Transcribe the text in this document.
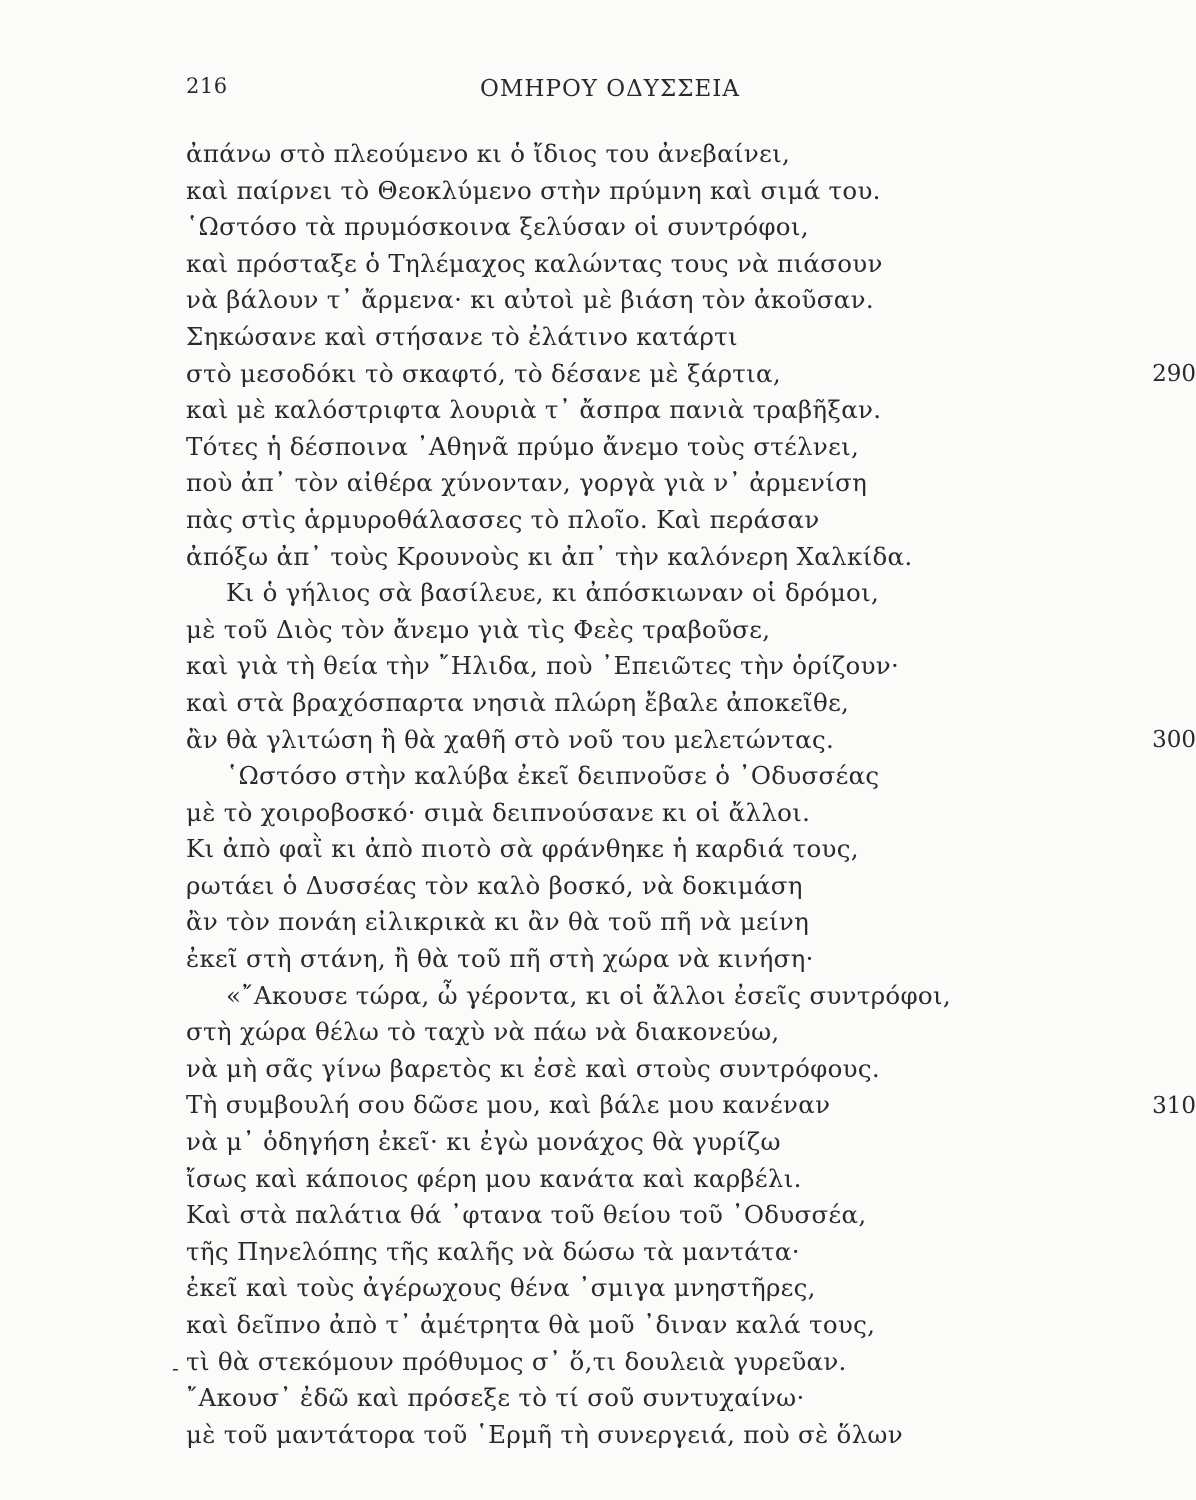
216	ΟΜΗΡΟΥ ΟΔΥΣΣΕΙΑ
ἀπάνω στὸ πλεούμενο κι ὁ ἴδιος του ἀνεβαίνει,
καὶ παίρνει τὸ Θεοκλύμενο στὴν πρύμνη καὶ σιμά του.
῾Ωστόσο τὰ πρυμόσκοινα ξελύσαν οἱ συντρόφοι,
καὶ πρόσταξε ὁ Τηλέμαχος καλώντας τους νὰ πιάσουν
νὰ βάλουν τ᾽ ἄρμενα· κι αὐτοὶ μὲ βιάση τὸν ἀκοῦσαν.
Σηκώσανε καὶ στήσανε τὸ ἐλάτινο κατάρτι
στὸ μεσοδόκι τὸ σκαφτό, τὸ δέσανε μὲ ξάρτια,
καὶ μὲ καλόστριφτα λουριὰ τ᾽ ἄσπρα πανιὰ τραβῆξαν.
Τότες ἡ δέσποινα ᾽Αθηνᾶ πρύμο ἄνεμο τοὺς στέλνει,
ποὺ ἀπ᾽ τὸν αἰθέρα χύνονταν, γοργὰ γιὰ ν᾽ ἀρμενίση
πὰς στὶς ἁρμυροθάλασσες τὸ πλοῖο. Καὶ περάσαν
ἀπόξω ἀπ᾽ τοὺς Κρουνοὺς κι ἀπ᾽ τὴν καλόνερη Χαλκίδα.
Κι ὁ γήλιος σὰ βασίλευε, κι ἀπόσκιωναν οἱ δρόμοι,
μὲ τοῦ Διὸς τὸν ἄνεμο γιὰ τὶς Φεὲς τραβοῦσε,
καὶ γιὰ τὴ θεία τὴν ῎Ηλιδα, ποὺ ᾽Επειῶτες τὴν ὁρίζουν·
καὶ στὰ βραχόσπαρτα νησιὰ πλώρη ἔβαλε ἀποκεῖθε,
ἂν θὰ γλιτώση ἢ θὰ χαθῆ στὸ νοῦ του μελετώντας.
῾Ωστόσο στὴν καλύβα ἐκεῖ δειπνοῦσε ὁ ᾽Οδυσσέας
μὲ τὸ χοιροβοσκό· σιμὰ δειπνούσανε κι οἱ ἄλλοι.
Κι ἀπὸ φαῒ κι ἀπὸ πιοτὸ σὰ φράνθηκε ἡ καρδιά τους,
ρωτάει ὁ Δυσσέας τὸν καλὸ βοσκό, νὰ δοκιμάση
ἂν τὸν πονάη εἰλικρικὰ κι ἂν θὰ τοῦ πῆ νὰ μείνη
ἐκεῖ στὴ στάνη, ἢ θὰ τοῦ πῆ στὴ χώρα νὰ κινήση·
«῎Ακουσε τώρα, ὦ γέροντα, κι οἱ ἄλλοι ἐσεῖς συντρόφοι,
στὴ χώρα θέλω τὸ ταχὺ νὰ πάω νὰ διακονεύω,
νὰ μὴ σᾶς γίνω βαρετὸς κι ἐσὲ καὶ στοὺς συντρόφους.
Τὴ συμβουλή σου δῶσε μου, καὶ βάλε μου κανέναν
νὰ μ᾽ ὁδηγήση ἐκεῖ· κι ἐγὼ μονάχος θὰ γυρίζω
ἴσως καὶ κάποιος φέρη μου κανάτα καὶ καρβέλι.
Καὶ στὰ παλάτια θά ᾽φτανα τοῦ θείου τοῦ ᾽Οδυσσέα,
τῆς Πηνελόπης τῆς καλῆς νὰ δώσω τὰ μαντάτα·
ἐκεῖ καὶ τοὺς ἀγέρωχους θένα ᾽σμιγα μνηστῆρες,
καὶ δεῖπνο ἀπὸ τ᾽ ἀμέτρητα θὰ μοῦ ᾽διναν καλά τους,
τὶ θὰ στεκόμουν πρόθυμος σ᾽ ὅ,τι δουλειὰ γυρεῦαν.
῎Ακουσ᾽ ἐδῶ καὶ πρόσεξε τὸ τί σοῦ συντυχαίνω·
μὲ τοῦ μαντάτορα τοῦ ῾Ερμῆ τὴ συνεργειά, ποὺ σὲ ὅλων
290
300
310
-
